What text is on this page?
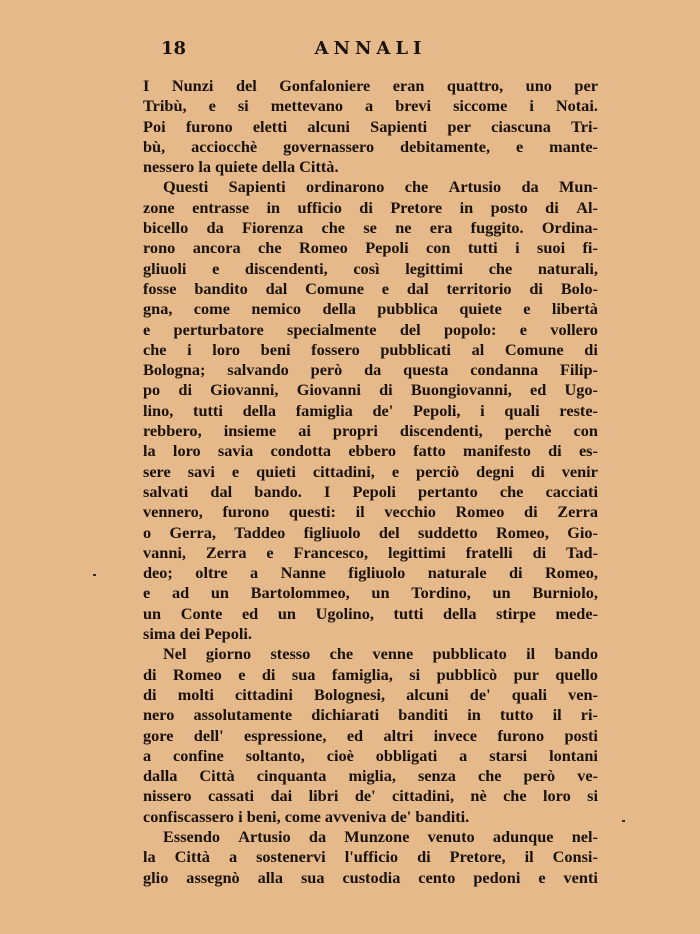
18	ANNALI
I Nunzi del Gonfaloniere eran quattro, uno per
Tribù, e si mettevano a brevi siccome i Notai.
Poi furono eletti alcuni Sapienti per ciascuna Tri-
bù, acciocchè governassero debitamente, e mante-
nessero la quiete della Città.
Questi Sapienti ordinarono che Artusio da Mun-
zone entrasse in ufficio di Pretore in posto di Al-
bicello da Fiorenza che se ne era fuggito. Ordina-
rono ancora che Romeo Pepoli con tutti i suoi fi-
gliuoli e discendenti, così legittimi che naturali,
fosse bandito dal Comune e dal territorio di Bolo-
gna, come nemico della pubblica quiete e libertà
e perturbatore specialmente del popolo: e vollero
che i loro beni fossero pubblicati al Comune di
Bologna; salvando però da questa condanna Filip-
po di Giovanni, Giovanni di Buongiovanni, ed Ugo-
lino, tutti della famiglia de' Pepoli, i quali reste-
rebbero, insieme ai propri discendenti, perchè con
la loro savia condotta ebbero fatto manifesto di es-
sere savi e quieti cittadini, e perciò degni di venir
salvati dal bando. I Pepoli pertanto che cacciati
vennero, furono questi: il vecchio Romeo di Zerra
o Gerra, Taddeo figliuolo del suddetto Romeo, Gio-
vanni, Zerra e Francesco, legittimi fratelli di Tad-
deo; oltre a Nanne figliuolo naturale di Romeo,
e ad un Bartolommeo, un Tordino, un Burniolo,
un Conte ed un Ugolino, tutti della stirpe mede-
sima dei Pepoli.
Nel giorno stesso che venne pubblicato il bando
di Romeo e di sua famiglia, si pubblicò pur quello
di molti cittadini Bolognesi, alcuni de' quali ven-
nero assolutamente dichiarati banditi in tutto il ri-
gore dell' espressione, ed altri invece furono posti
a confine soltanto, cioè obbligati a starsi lontani
dalla Città cinquanta miglia, senza che però ve-
nissero cassati dai libri de' cittadini, nè che loro si
confiscassero i beni, come avveniva de' banditi.
Essendo Artusio da Munzone venuto adunque nel-
la Città a sostenervi l'ufficio di Pretore, il Consi-
glio assegnò alla sua custodia cento pedoni e venti
